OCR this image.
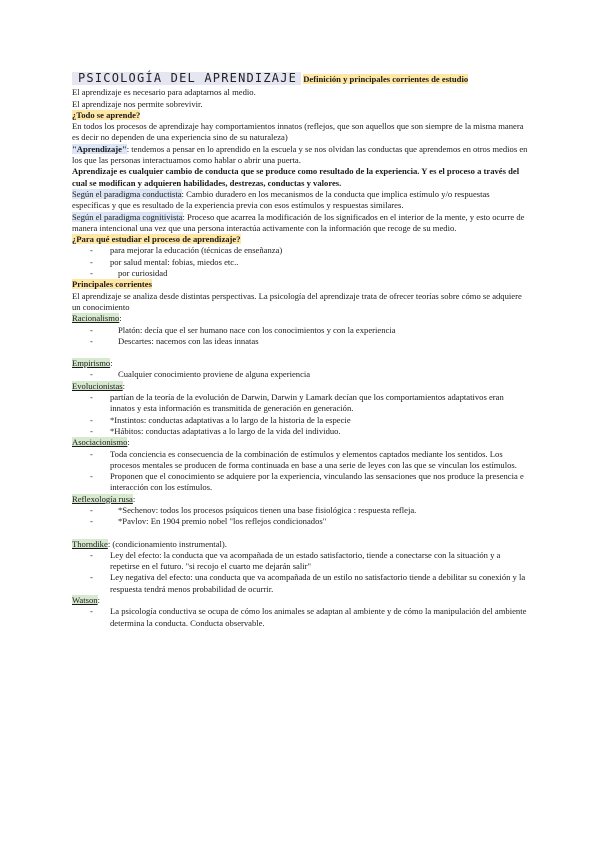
PSICOLOGÍA DEL APRENDIZAJE Definición y principales corrientes de estudio

El aprendizaje es necesario para adaptarnos al medio.

El aprendizaje nos permite sobrevivir.

¿Todo se aprende?

En todos los procesos de aprendizaje hay comportamientos innatos (reflejos, que son aquellos que son siempre de la misma manera es decir no dependen de una experiencia sino de su naturaleza)

"Aprendizaje": tendemos a pensar en lo aprendido en la escuela y se nos olvidan las conductas que aprendemos en otros medios en los que las personas interactuamos como hablar o abrir una puerta.

Aprendizaje es cualquier cambio de conducta que se produce como resultado de la experiencia. Y es el proceso a través del cual se modifican y adquieren habilidades, destrezas, conductas y valores.

Según el paradigma conductista: Cambio duradero en los mecanismos de la conducta que implica estímulo y/o respuestas específicas y que es resultado de la experiencia previa con esos estímulos y respuestas similares.

Según el paradigma cognitivista: Proceso que acarrea la modificación de los significados en el interior de la mente, y esto ocurre de manera intencional una vez que una persona interactúa activamente con la información que recoge de su medio.

¿Para qué estudiar el proceso de aprendizaje?

- para mejorar la educación (técnicas de enseñanza)
- por salud mental: fobias, miedos etc..
- por curiosidad

Principales corrientes

El aprendizaje se analiza desde distintas perspectivas. La psicología del aprendizaje trata de ofrecer teorías sobre cómo se adquiere un conocimiento

Racionalismo:

- Platón: decía que el ser humano nace con los conocimientos y con la experiencia
- Descartes: nacemos con las ideas innatas

Empirismo:

- Cualquier conocimiento proviene de alguna experiencia

Evolucionistas:

- partían de la teoría de la evolución de Darwin, Darwin y Lamark decían que los comportamientos adaptativos eran innatos y esta información es transmitida de generación en generación.
- *Instintos: conductas adaptativas a lo largo de la historia de la especie
- *Hábitos: conductas adaptativas a lo largo de la vida del individuo.

Asociacionismo:

- Toda conciencia es consecuencia de la combinación de estímulos y elementos captados mediante los sentidos. Los procesos mentales se producen de forma continuada en base a una serie de leyes con las que se vinculan los estímulos.
- Proponen que el conocimiento se adquiere por la experiencia, vinculando las sensaciones que nos produce la presencia e interacción con los estímulos.

Reflexología rusa:

- *Sechenov: todos los procesos psíquicos tienen una base fisiológica : respuesta refleja.
- *Pavlov: En 1904 premio nobel "los reflejos condicionados"

Thorndike: (condicionamiento instrumental).

- Ley del efecto: la conducta que va acompañada de un estado satisfactorio, tiende a conectarse con la situación y a repetirse en el futuro. "si recojo el cuarto me dejarán salir"
- Ley negativa del efecto: una conducta que va acompañada de un estilo no satisfactorio tiende a debilitar su conexión y la respuesta tendrá menos probabilidad de ocurrir.

Watson:

- La psicología conductiva se ocupa de cómo los animales se adaptan al ambiente y de cómo la manipulación del ambiente determina la conducta. Conducta observable.
